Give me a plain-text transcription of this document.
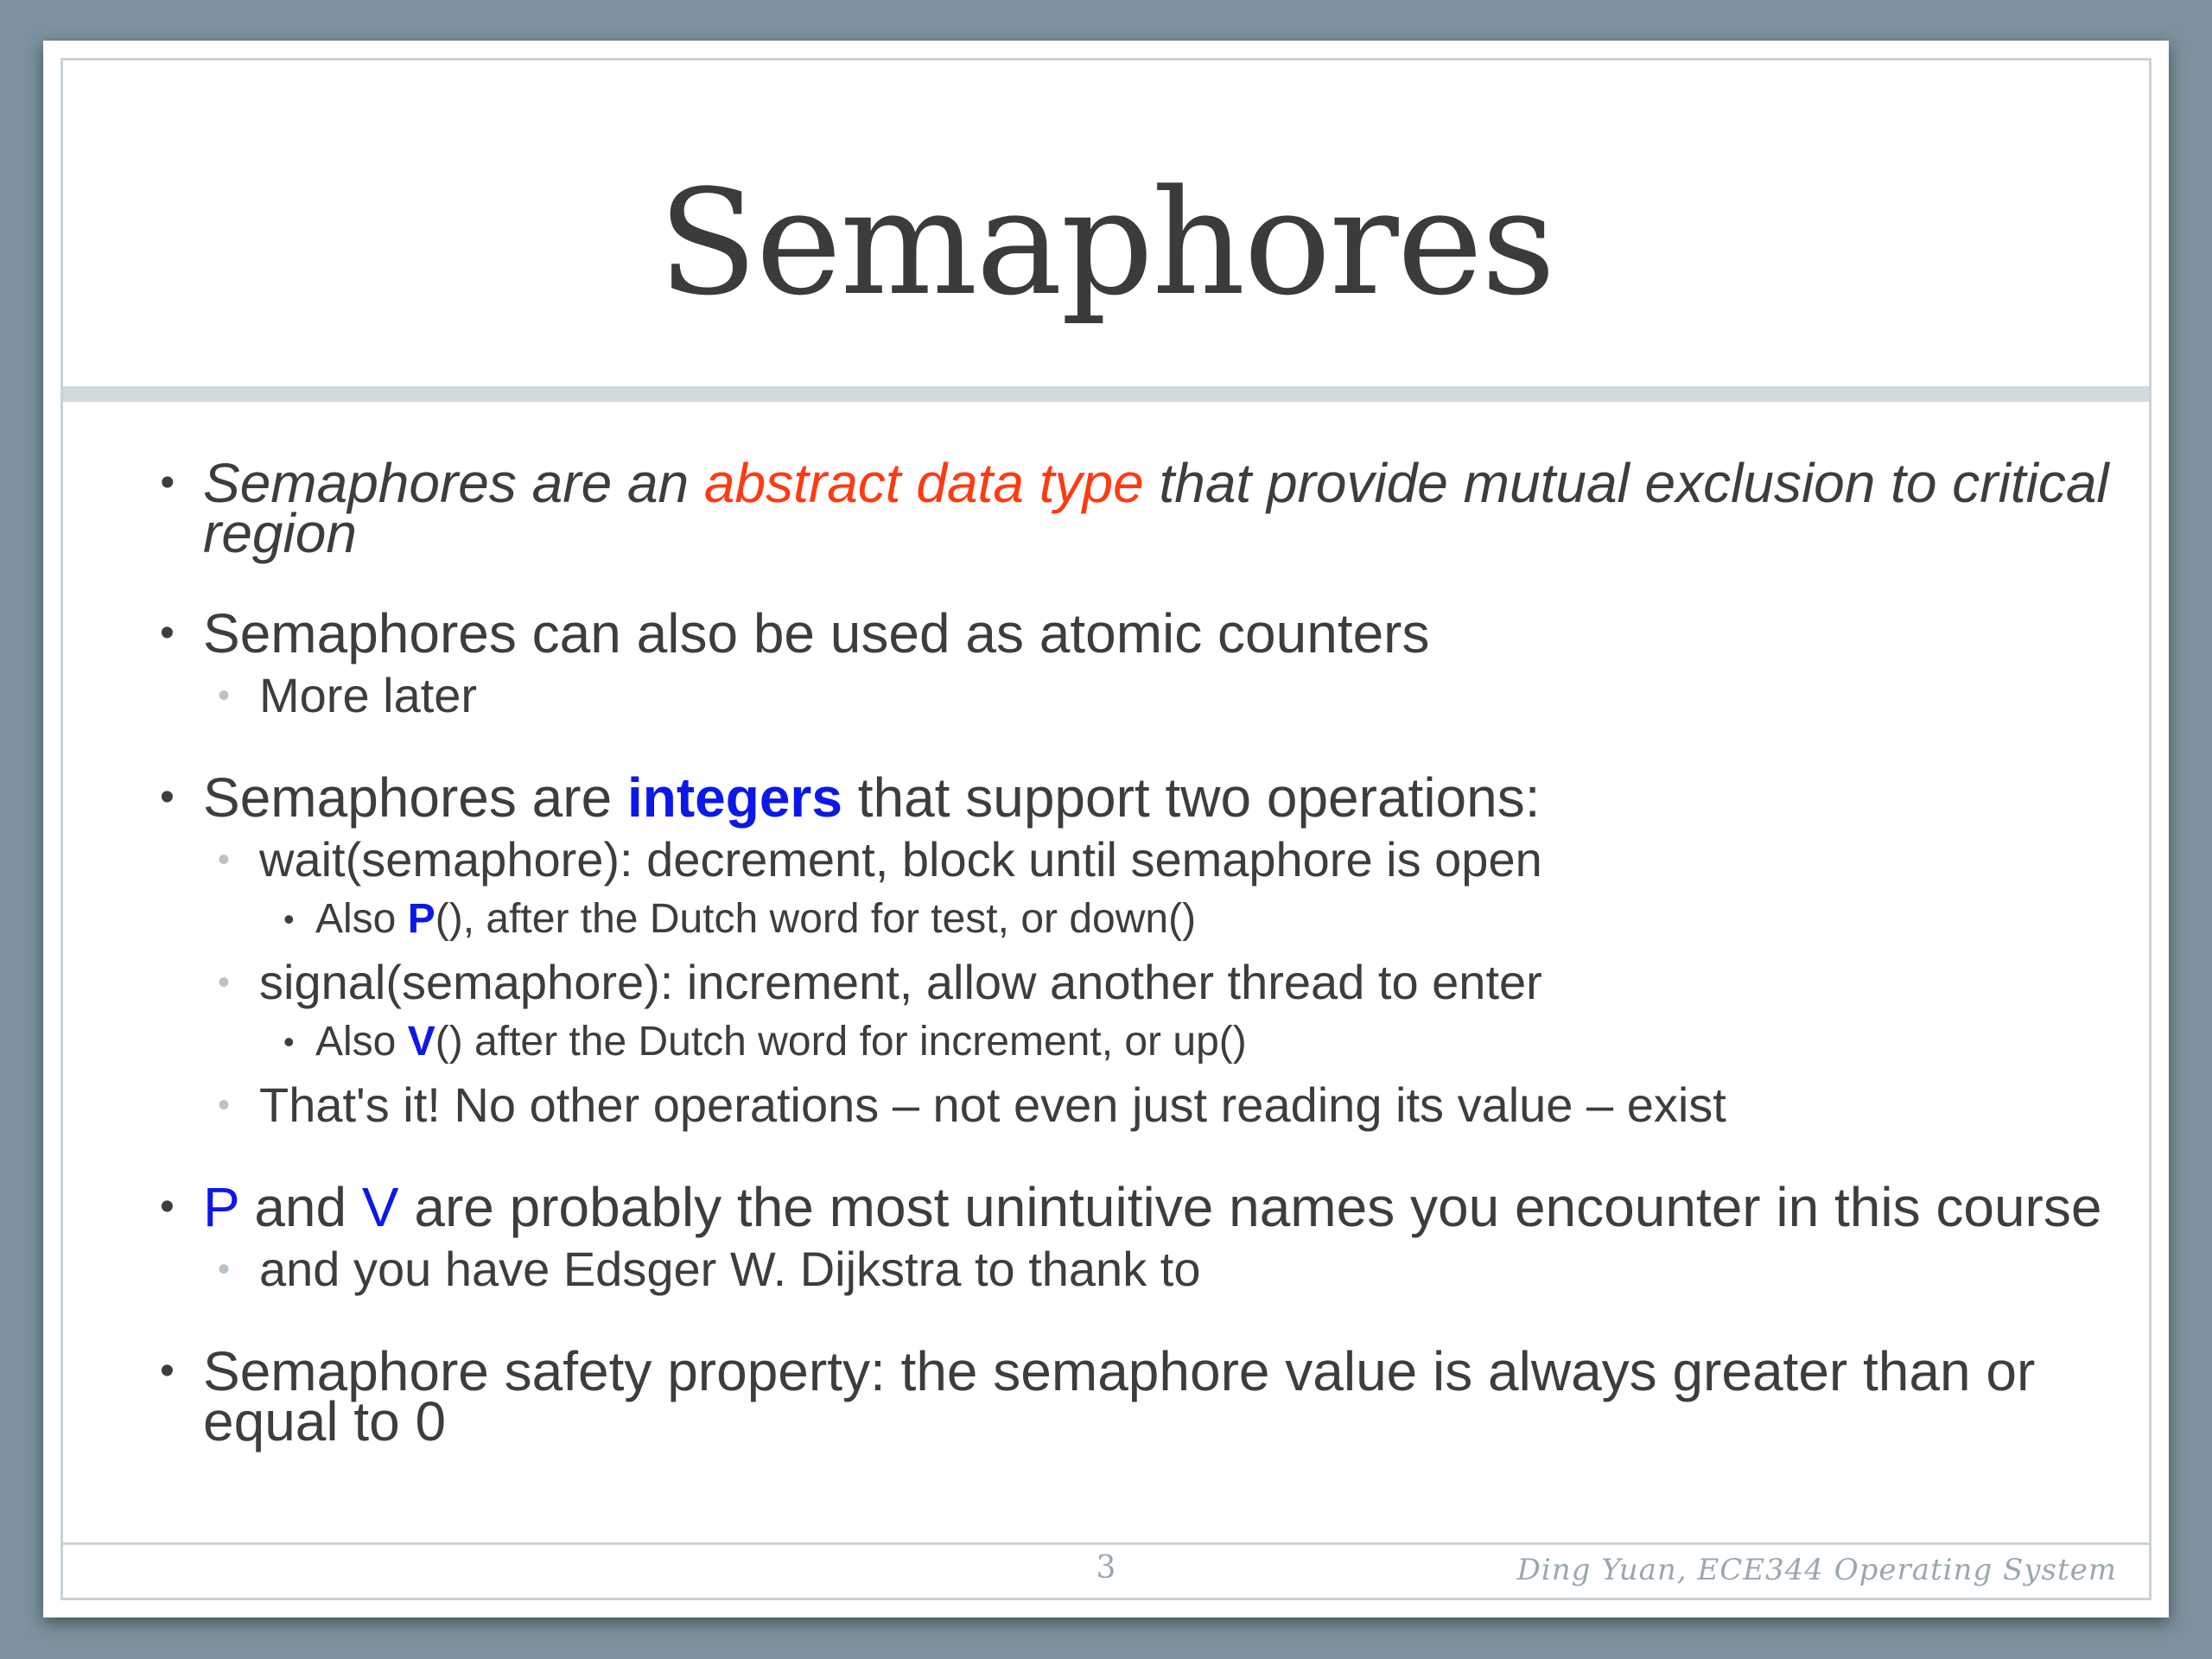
Semaphores
• Semaphores are an abstract data type that provide mutual exclusion to critical region
• Semaphores can also be used as atomic counters
• More later
• Semaphores are integers that support two operations:
• wait(semaphore): decrement, block until semaphore is open
• Also P(), after the Dutch word for test, or down()
• signal(semaphore): increment, allow another thread to enter
• Also V() after the Dutch word for increment, or up()
• That's it! No other operations – not even just reading its value – exist
• P and V are probably the most unintuitive names you encounter in this course
• and you have Edsger W. Dijkstra to thank to
• Semaphore safety property: the semaphore value is always greater than or equal to 0
3	Ding Yuan, ECE344 Operating System
